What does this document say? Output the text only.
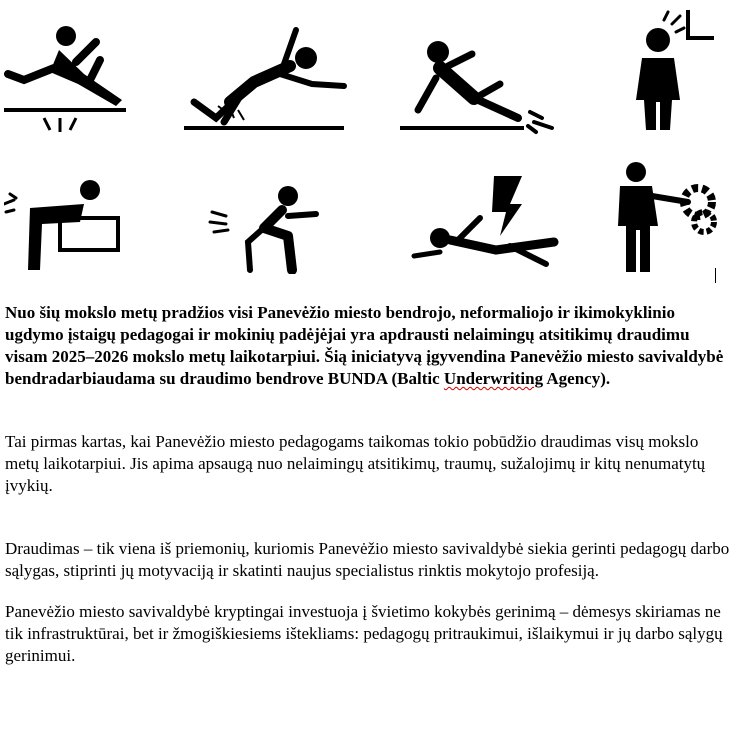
Nuo šių mokslo metų pradžios visi Panevėžio miesto bendrojo, neformaliojo ir ikimokyklinio ugdymo įstaigų pedagogai ir mokinių padėjėjai yra apdrausti nelaimingų atsitikimų draudimu visam 2025–2026 mokslo metų laikotarpiui. Šią iniciatyvą įgyvendina Panevėžio miesto savivaldybė bendradarbiaudama su draudimo bendrove BUNDA (Baltic Underwriting Agency).

Tai pirmas kartas, kai Panevėžio miesto pedagogams taikomas tokio pobūdžio draudimas visų mokslo metų laikotarpiui. Jis apima apsaugą nuo nelaimingų atsitikimų, traumų, sužalojimų ir kitų nenumatytų įvykių.

Draudimas – tik viena iš priemonių, kuriomis Panevėžio miesto savivaldybė siekia gerinti pedagogų darbo sąlygas, stiprinti jų motyvaciją ir skatinti naujus specialistus rinktis mokytojo profesiją.

Panevėžio miesto savivaldybė kryptingai investuoja į švietimo kokybės gerinimą – dėmesys skiriamas ne tik infrastruktūrai, bet ir žmogiškiesiems ištekliams: pedagogų pritraukimui, išlaikymui ir jų darbo sąlygų gerinimui.
